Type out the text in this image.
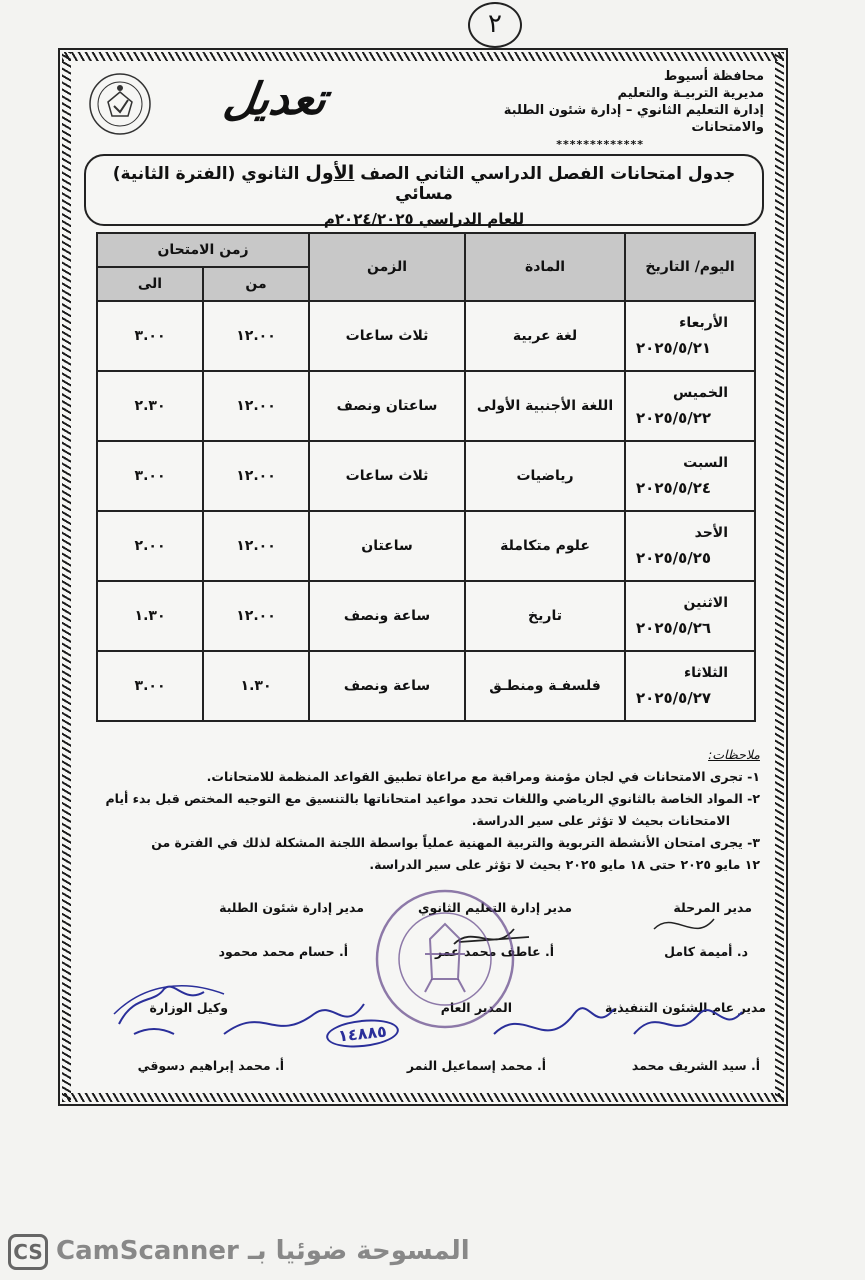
٢
محافظة أسيوط
مديرية التربيـة والتعليم
إدارة التعليم الثانوي – إدارة شئون الطلبة والامتحانات
*************
تعديل
جدول امتحانات الفصل الدراسي الثاني الصف الأول الثانوي (الفترة الثانية) مسائي
للعام الدراسي ٢٠٢٤/٢٠٢٥م
اليوم/ التاريخ	المادة	الزمن	زمن الامتحان	
			من	الى

الأربعاء
٢٠٢٥/٥/٢١	لغة عربية	ثلاث ساعات	١٢.٠٠	٣.٠٠

الخميس
٢٠٢٥/٥/٢٢	اللغة الأجنبية الأولى	ساعتان ونصف	١٢.٠٠	٢.٣٠

السبت
٢٠٢٥/٥/٢٤	رياضيات	ثلاث ساعات	١٢.٠٠	٣.٠٠

الأحد
٢٠٢٥/٥/٢٥	علوم متكاملة	ساعتان	١٢.٠٠	٢.٠٠

الاثنين
٢٠٢٥/٥/٢٦	تاريخ	ساعة ونصف	١٢.٠٠	١.٣٠

الثلاثاء
٢٠٢٥/٥/٢٧	فلسفـة ومنطـق	ساعة ونصف	١.٣٠	٣.٠٠
ملاحظات:
١- تجرى الامتحانات في لجان مؤمنة ومراقبة مع مراعاة تطبيق القواعد المنظمة للامتحانات.
٢- المواد الخاصة بالثانوي الرياضي واللغات تحدد مواعيد امتحاناتها بالتنسيق مع التوجيه المختص قبل بدء أيام
الامتحانات بحيث لا تؤثر على سير الدراسة.
٣- يجرى امتحان الأنشطة التربوية والتربية المهنية عملياً بواسطة اللجنة المشكلة لذلك في الفترة من
١٢ مايو ٢٠٢٥ حتى ١٨ مايو ٢٠٢٥ بحيث لا تؤثر على سير الدراسة.
مدير المرحلة
د. أميمة كامل
مدير إدارة التعليم الثانوي
أ. عاطف محمد عمر
مدير إدارة شئون الطلبة
أ. حسام محمد محمود
مدير عام الشئون التنفيذية
أ. سيد الشريف محمد
المدير العام
أ. محمد إسماعيل النمر
وكيل الوزارة
أ. محمد إبراهيم دسوقي
١٤٨٨٥
CS CamScanner المسوحة ضوئيا بـ
